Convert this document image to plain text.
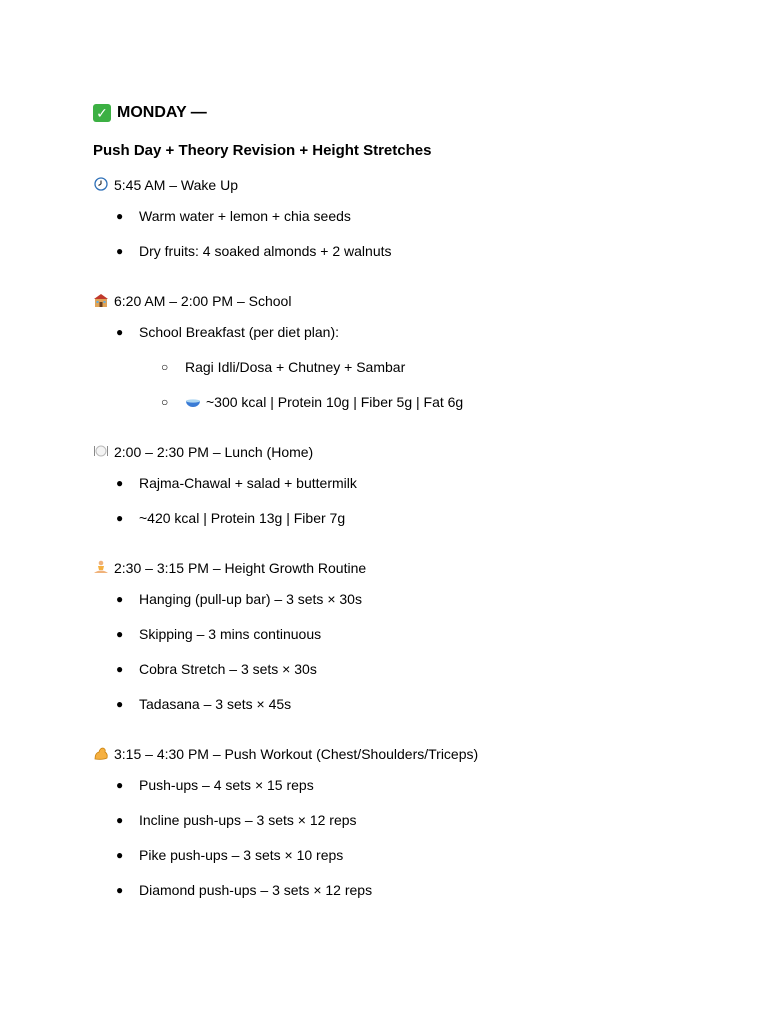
✓ MONDAY —
Push Day + Theory Revision + Height Stretches
5:45 AM – Wake Up
● Warm water + lemon + chia seeds
● Dry fruits: 4 soaked almonds + 2 walnuts
6:20 AM – 2:00 PM – School
● School Breakfast (per diet plan):
○ Ragi Idli/Dosa + Chutney + Sambar
○	~300 kcal | Protein 10g | Fiber 5g | Fat 6g
2:00 – 2:30 PM – Lunch (Home)
● Rajma-Chawal + salad + buttermilk
● ~420 kcal | Protein 13g | Fiber 7g
2:30 – 3:15 PM – Height Growth Routine
● Hanging (pull-up bar) – 3 sets × 30s
● Skipping – 3 mins continuous
● Cobra Stretch – 3 sets × 30s
● Tadasana – 3 sets × 45s
3:15 – 4:30 PM – Push Workout (Chest/Shoulders/Triceps)
● Push-ups – 4 sets × 15 reps
● Incline push-ups – 3 sets × 12 reps
● Pike push-ups – 3 sets × 10 reps
● Diamond push-ups – 3 sets × 12 reps
